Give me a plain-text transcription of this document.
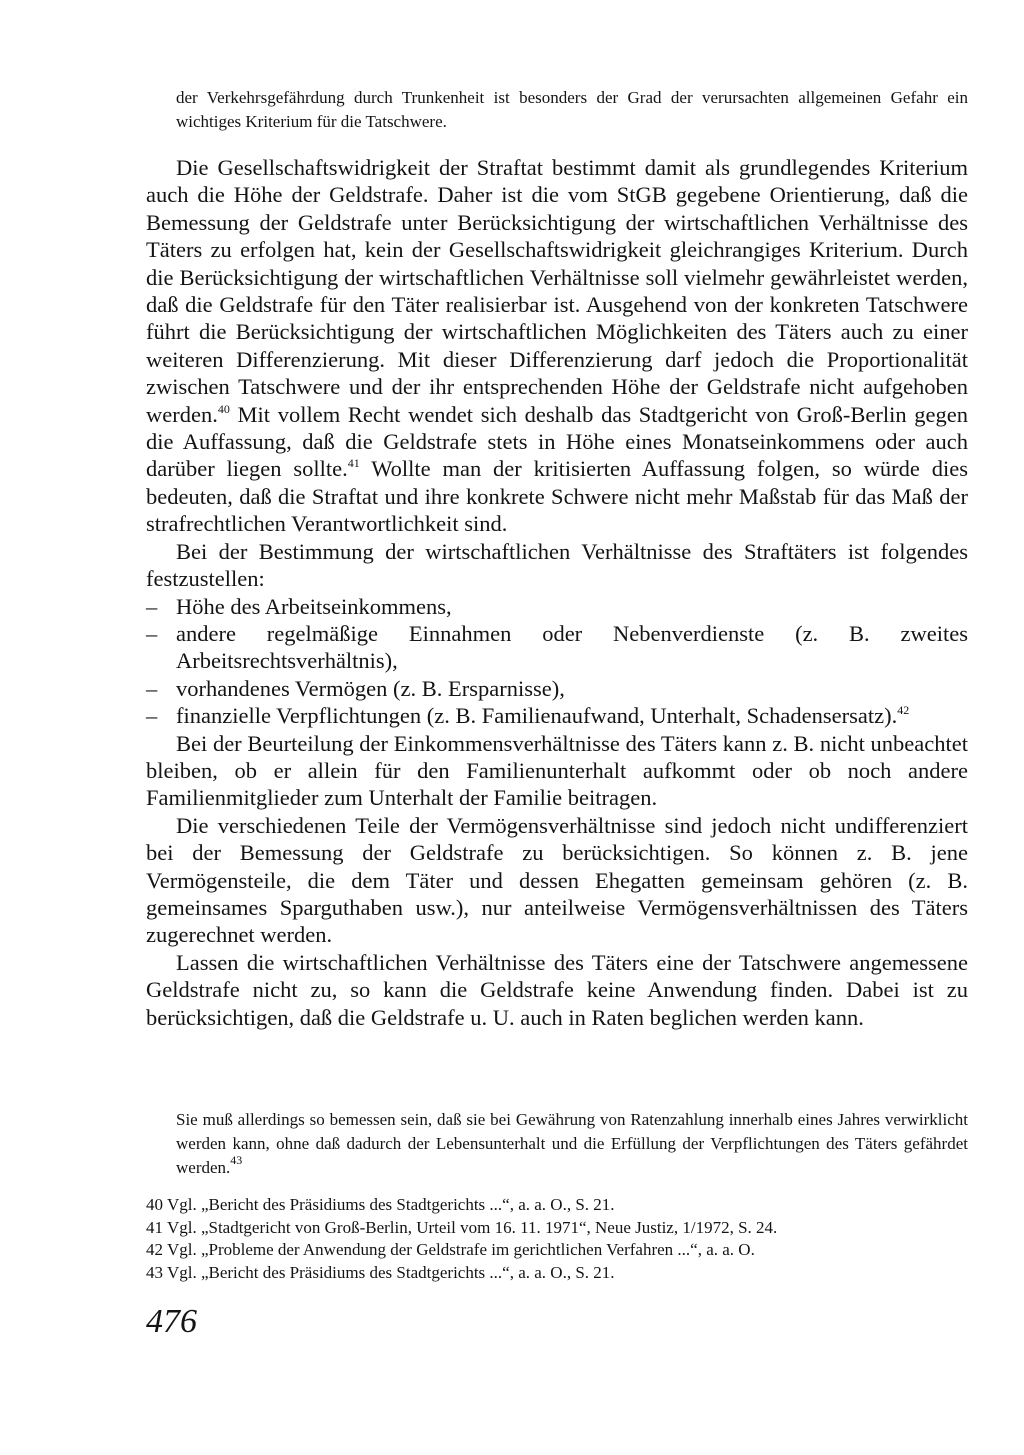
der Verkehrsgefährdung durch Trunkenheit ist besonders der Grad der verursachten allgemeinen Gefahr ein wichtiges Kriterium für die Tatschwere.

Die Gesellschaftswidrigkeit der Straftat bestimmt damit als grundlegendes Kriterium auch die Höhe der Geldstrafe. Daher ist die vom StGB gegebene Orientierung, daß die Bemessung der Geldstrafe unter Berücksichtigung der wirtschaftlichen Verhältnisse des Täters zu erfolgen hat, kein der Gesellschaftswidrigkeit gleichrangiges Kriterium. Durch die Berücksichtigung der wirtschaftlichen Verhältnisse soll vielmehr gewährleistet werden, daß die Geldstrafe für den Täter realisierbar ist. Ausgehend von der konkreten Tatschwere führt die Berücksichtigung der wirtschaftlichen Möglichkeiten des Täters auch zu einer weiteren Differenzierung. Mit dieser Differenzierung darf jedoch die Proportionalität zwischen Tatschwere und der ihr entsprechenden Höhe der Geldstrafe nicht aufgehoben werden.$^{40}$ Mit vollem Recht wendet sich deshalb das Stadtgericht von Groß-Berlin gegen die Auffassung, daß die Geldstrafe stets in Höhe eines Monatseinkommens oder auch darüber liegen sollte.$^{41}$ Wollte man der kritisierten Auffassung folgen, so würde dies bedeuten, daß die Straftat und ihre konkrete Schwere nicht mehr Maßstab für das Maß der strafrechtlichen Verantwortlichkeit sind.

Bei der Bestimmung der wirtschaftlichen Verhältnisse des Straftäters ist folgendes festzustellen:

– Höhe des Arbeitseinkommens,
– andere regelmäßige Einnahmen oder Nebenverdienste (z. B. zweites Arbeitsrechtsverhältnis),
– vorhandenes Vermögen (z. B. Ersparnisse),
– finanzielle Verpflichtungen (z. B. Familienaufwand, Unterhalt, Schadensersatz).$^{42}$

Bei der Beurteilung der Einkommensverhältnisse des Täters kann z. B. nicht unbeachtet bleiben, ob er allein für den Familienunterhalt aufkommt oder ob noch andere Familienmitglieder zum Unterhalt der Familie beitragen.

Die verschiedenen Teile der Vermögensverhältnisse sind jedoch nicht undifferenziert bei der Bemessung der Geldstrafe zu berücksichtigen. So können z. B. jene Vermögensteile, die dem Täter und dessen Ehegatten gemeinsam gehören (z. B. gemeinsames Sparguthaben usw.), nur anteilweise Vermögensverhältnissen des Täters zugerechnet werden.

Lassen die wirtschaftlichen Verhältnisse des Täters eine der Tatschwere angemessene Geldstrafe nicht zu, so kann die Geldstrafe keine Anwendung finden. Dabei ist zu berücksichtigen, daß die Geldstrafe u. U. auch in Raten beglichen werden kann.

Sie muß allerdings so bemessen sein, daß sie bei Gewährung von Ratenzahlung innerhalb eines Jahres verwirklicht werden kann, ohne daß dadurch der Lebensunterhalt und die Erfüllung der Verpflichtungen des Täters gefährdet werden.$^{43}$
40 Vgl. „Bericht des Präsidiums des Stadtgerichts ...“, a. a. O., S. 21.
41 Vgl. „Stadtgericht von Groß-Berlin, Urteil vom 16. 11. 1971“, Neue Justiz, 1/1972, S. 24.
42 Vgl. „Probleme der Anwendung der Geldstrafe im gerichtlichen Verfahren ...“, a. a. O.
43 Vgl. „Bericht des Präsidiums des Stadtgerichts ...“, a. a. O., S. 21.
476
